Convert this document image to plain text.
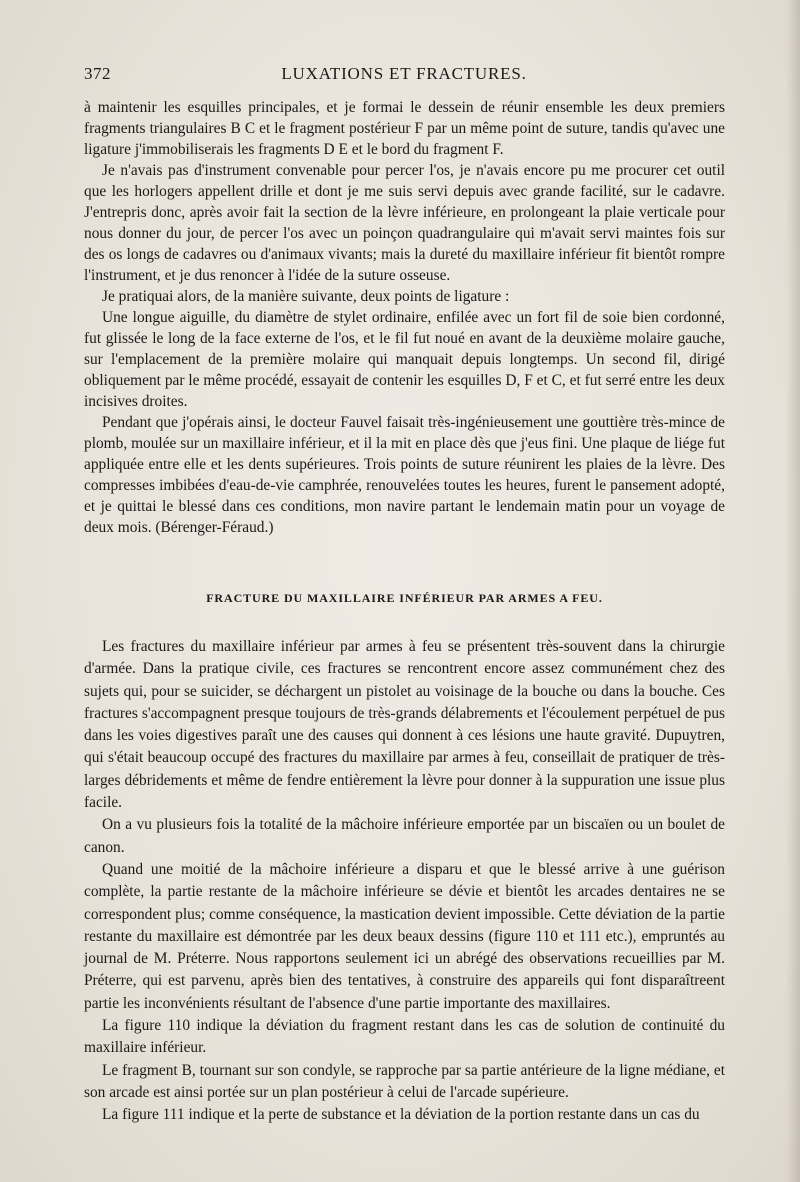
372	LUXATIONS ET FRACTURES.

à maintenir les esquilles principales, et je formai le dessein de réunir ensemble les deux premiers fragments triangulaires B C et le fragment postérieur F par un même point de suture, tandis qu'avec une ligature j'immobiliserais les fragments D E et le bord du fragment F.

Je n'avais pas d'instrument convenable pour percer l'os, je n'avais encore pu me procurer cet outil que les horlogers appellent drille et dont je me suis servi depuis avec grande facilité, sur le cadavre. J'entrepris donc, après avoir fait la section de la lèvre inférieure, en prolongeant la plaie verticale pour nous donner du jour, de percer l'os avec un poinçon quadrangulaire qui m'avait servi maintes fois sur des os longs de cadavres ou d'animaux vivants; mais la dureté du maxillaire inférieur fit bientôt rompre l'instrument, et je dus renoncer à l'idée de la suture osseuse.

Je pratiquai alors, de la manière suivante, deux points de ligature :

Une longue aiguille, du diamètre de stylet ordinaire, enfilée avec un fort fil de soie bien cordonné, fut glissée le long de la face externe de l'os, et le fil fut noué en avant de la deuxième molaire gauche, sur l'emplacement de la première molaire qui manquait depuis longtemps. Un second fil, dirigé obliquement par le même procédé, essayait de contenir les esquilles D, F et C, et fut serré entre les deux incisives droites.

Pendant que j'opérais ainsi, le docteur Fauvel faisait très-ingénieusement une gouttière très-mince de plomb, moulée sur un maxillaire inférieur, et il la mit en place dès que j'eus fini. Une plaque de liége fut appliquée entre elle et les dents supérieures. Trois points de suture réunirent les plaies de la lèvre. Des compresses imbibées d'eau-de-vie camphrée, renouvelées toutes les heures, furent le pansement adopté, et je quittai le blessé dans ces conditions, mon navire partant le lendemain matin pour un voyage de deux mois. (Bérenger-Féraud.)

FRACTURE DU MAXILLAIRE INFÉRIEUR PAR ARMES A FEU.

Les fractures du maxillaire inférieur par armes à feu se présentent très-souvent dans la chirurgie d'armée. Dans la pratique civile, ces fractures se rencontrent encore assez communément chez des sujets qui, pour se suicider, se déchargent un pistolet au voisinage de la bouche ou dans la bouche. Ces fractures s'accompagnent presque toujours de très-grands délabrements et l'écoulement perpétuel de pus dans les voies digestives paraît une des causes qui donnent à ces lésions une haute gravité. Dupuytren, qui s'était beaucoup occupé des fractures du maxillaire par armes à feu, conseillait de pratiquer de très-larges débridements et même de fendre entièrement la lèvre pour donner à la suppuration une issue plus facile.

On a vu plusieurs fois la totalité de la mâchoire inférieure emportée par un biscaïen ou un boulet de canon.

Quand une moitié de la mâchoire inférieure a disparu et que le blessé arrive à une guérison complète, la partie restante de la mâchoire inférieure se dévie et bientôt les arcades dentaires ne se correspondent plus; comme conséquence, la mastication devient impossible. Cette déviation de la partie restante du maxillaire est démontrée par les deux beaux dessins (figure 110 et 111 etc.), empruntés au journal de M. Préterre. Nous rapportons seulement ici un abrégé des observations recueillies par M. Préterre, qui est parvenu, après bien des tentatives, à construire des appareils qui font disparaîtreent partie les inconvénients résultant de l'absence d'une partie importante des maxillaires.

La figure 110 indique la déviation du fragment restant dans les cas de solution de continuité du maxillaire inférieur.

Le fragment B, tournant sur son condyle, se rapproche par sa partie antérieure de la ligne médiane, et son arcade est ainsi portée sur un plan postérieur à celui de l'arcade supérieure.

La figure 111 indique et la perte de substance et la déviation de la portion restante dans un cas du
